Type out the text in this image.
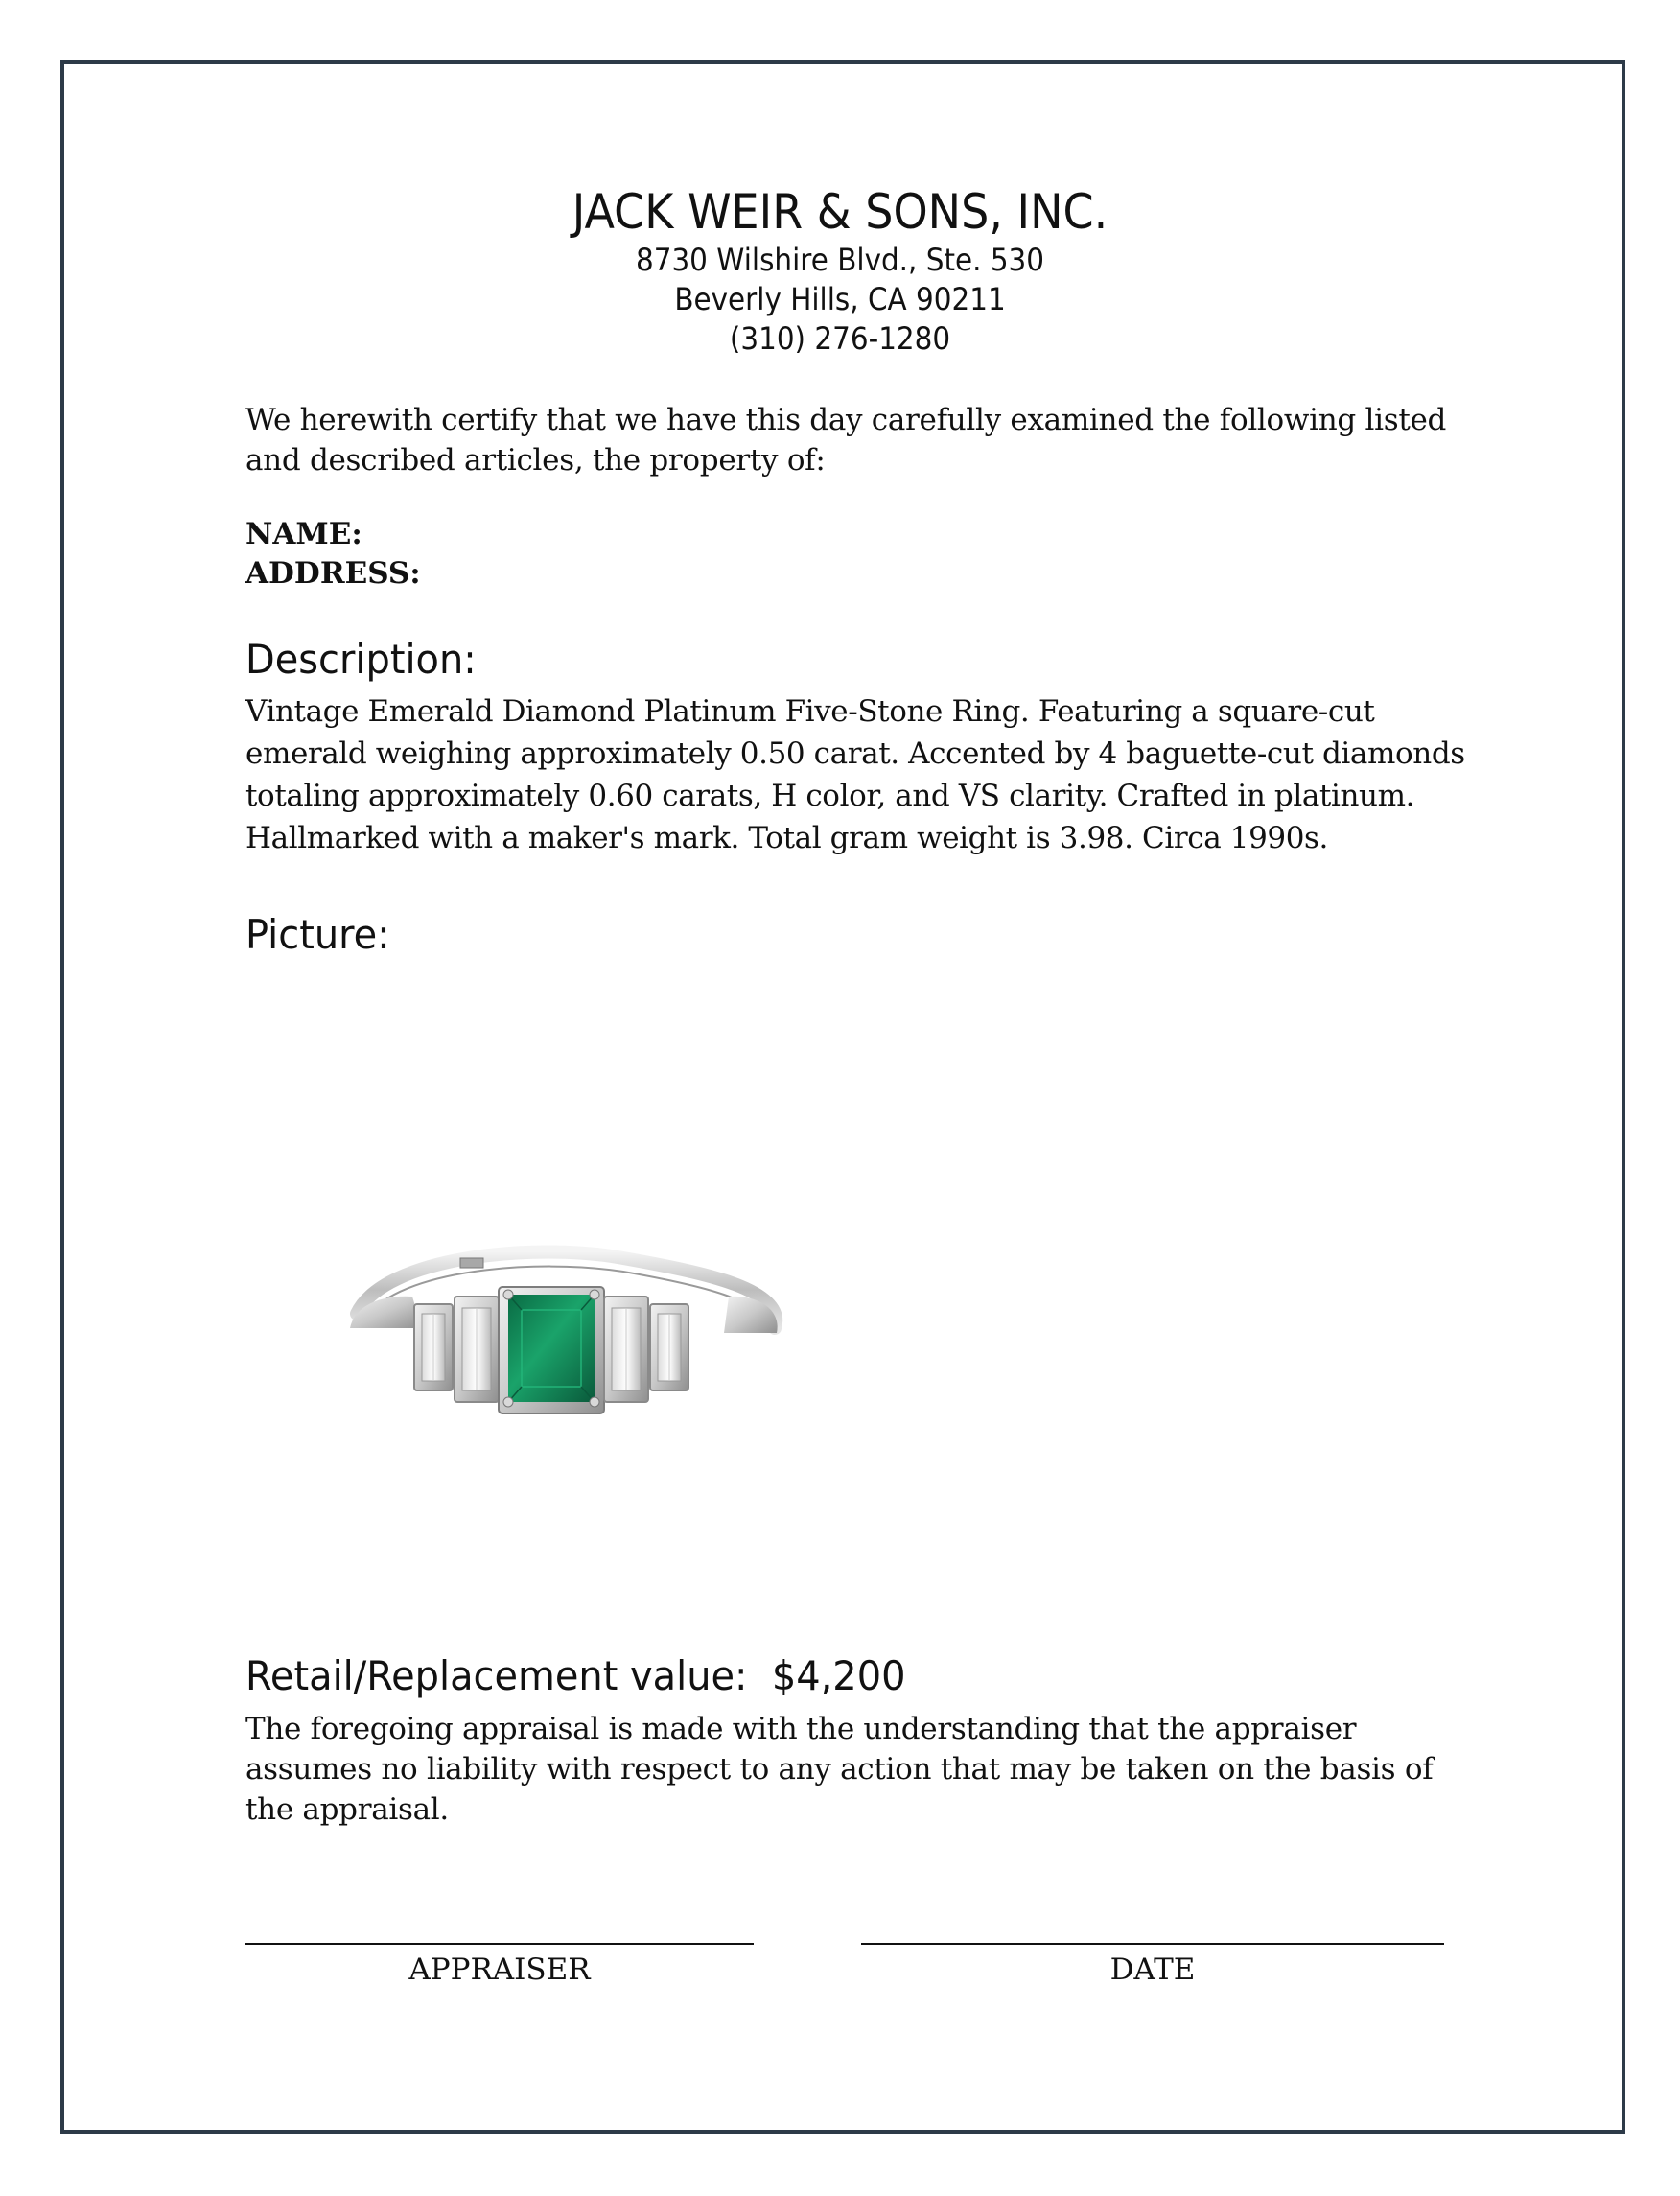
JACK WEIR & SONS, INC.
8730 Wilshire Blvd., Ste. 530
Beverly Hills, CA 90211
(310) 276-1280
We herewith certify that we have this day carefully examined the following listed and described articles, the property of:
NAME:
ADDRESS:
Description:
Vintage Emerald Diamond Platinum Five-Stone Ring. Featuring a square-cut emerald weighing approximately 0.50 carat. Accented by 4 baguette-cut diamonds totaling approximately 0.60 carats, H color, and VS clarity. Crafted in platinum. Hallmarked with a maker's mark. Total gram weight is 3.98. Circa 1990s.
Picture:
Retail/Replacement value: $4,200
The foregoing appraisal is made with the understanding that the appraiser assumes no liability with respect to any action that may be taken on the basis of the appraisal.
APPRAISER	DATE
